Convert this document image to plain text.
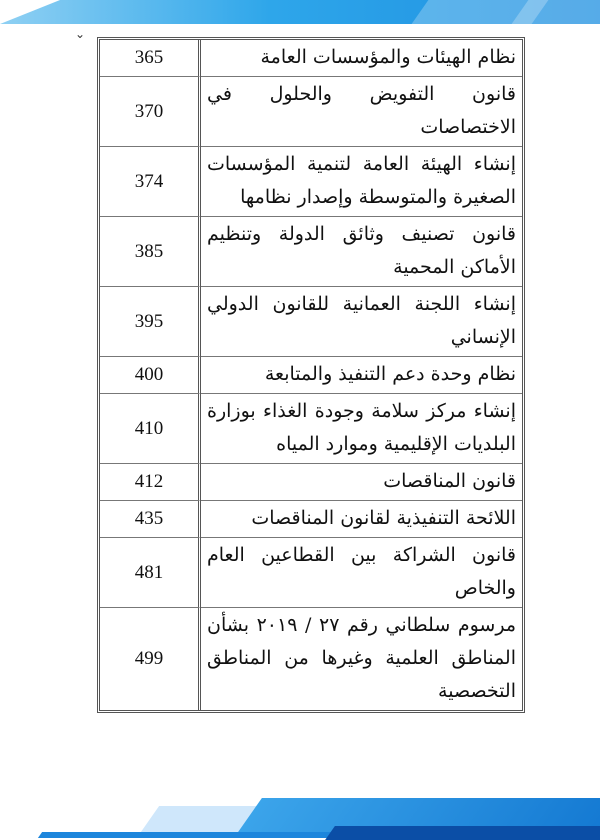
⌄
نظام الهيئات والمؤسسات العامة	365
قانون التفويض والحلول في الاختصاصات	370
إنشاء الهيئة العامة لتنمية المؤسسات الصغيرة والمتوسطة وإصدار نظامها	374
قانون تصنيف وثائق الدولة وتنظيم الأماكن المحمية	385
إنشاء اللجنة العمانية للقانون الدولي الإنساني	395
نظام وحدة دعم التنفيذ والمتابعة	400
إنشاء مركز سلامة وجودة الغذاء بوزارة البلديات الإقليمية وموارد المياه	410
قانون المناقصات	412
اللائحة التنفيذية لقانون المناقصات	435
قانون الشراكة بين القطاعين العام والخاص	481
مرسوم سلطاني رقم ٢٧ / ٢٠١٩ بشأن المناطق العلمية وغيرها من المناطق التخصصية	499
